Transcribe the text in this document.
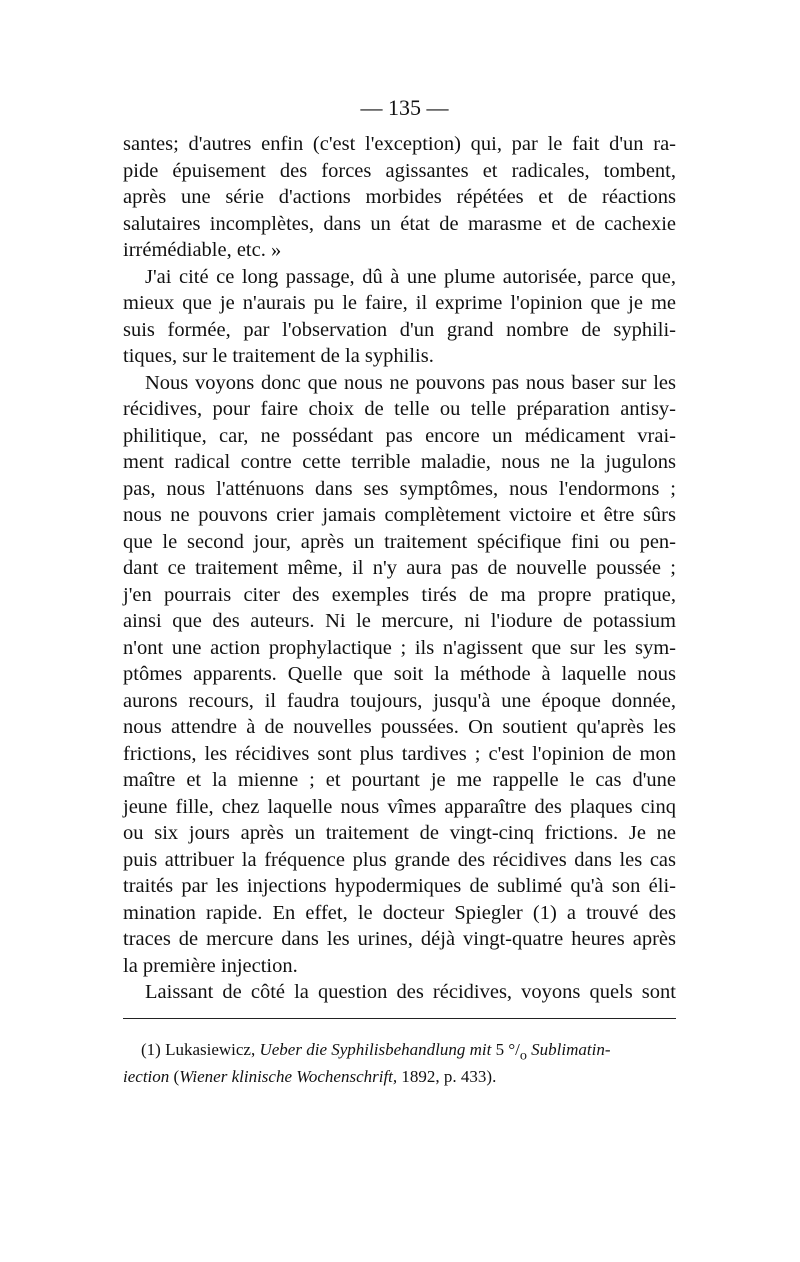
— 135 —
santes; d'autres enfin (c'est l'exception) qui, par le fait d'un ra-
pide épuisement des forces agissantes et radicales, tombent,
après une série d'actions morbides répétées et de réactions
salutaires incomplètes, dans un état de marasme et de cachexie
irrémédiable, etc. »
J'ai cité ce long passage, dû à une plume autorisée, parce que,
mieux que je n'aurais pu le faire, il exprime l'opinion que je me
suis formée, par l'observation d'un grand nombre de syphili-
tiques, sur le traitement de la syphilis.
Nous voyons donc que nous ne pouvons pas nous baser sur les
récidives, pour faire choix de telle ou telle préparation antisy-
philitique, car, ne possédant pas encore un médicament vrai-
ment radical contre cette terrible maladie, nous ne la jugulons
pas, nous l'atténuons dans ses symptômes, nous l'endormons ;
nous ne pouvons crier jamais complètement victoire et être sûrs
que le second jour, après un traitement spécifique fini ou pen-
dant ce traitement même, il n'y aura pas de nouvelle poussée ;
j'en pourrais citer des exemples tirés de ma propre pratique,
ainsi que des auteurs. Ni le mercure, ni l'iodure de potassium
n'ont une action prophylactique ; ils n'agissent que sur les sym-
ptômes apparents. Quelle que soit la méthode à laquelle nous
aurons recours, il faudra toujours, jusqu'à une époque donnée,
nous attendre à de nouvelles poussées. On soutient qu'après les
frictions, les récidives sont plus tardives ; c'est l'opinion de mon
maître et la mienne ; et pourtant je me rappelle le cas d'une
jeune fille, chez laquelle nous vîmes apparaître des plaques cinq
ou six jours après un traitement de vingt-cinq frictions. Je ne
puis attribuer la fréquence plus grande des récidives dans les cas
traités par les injections hypodermiques de sublimé qu'à son éli-
mination rapide. En effet, le docteur Spiegler (1) a trouvé des
traces de mercure dans les urines, déjà vingt-quatre heures après
la première injection.
Laissant de côté la question des récidives, voyons quels sont
(1) Lukasiewicz, Ueber die Syphilisbehandlung mit 5 $^\circ/_o$ Sublimatin-
iection (Wiener klinische Wochenschrift, 1892, p. 433).
